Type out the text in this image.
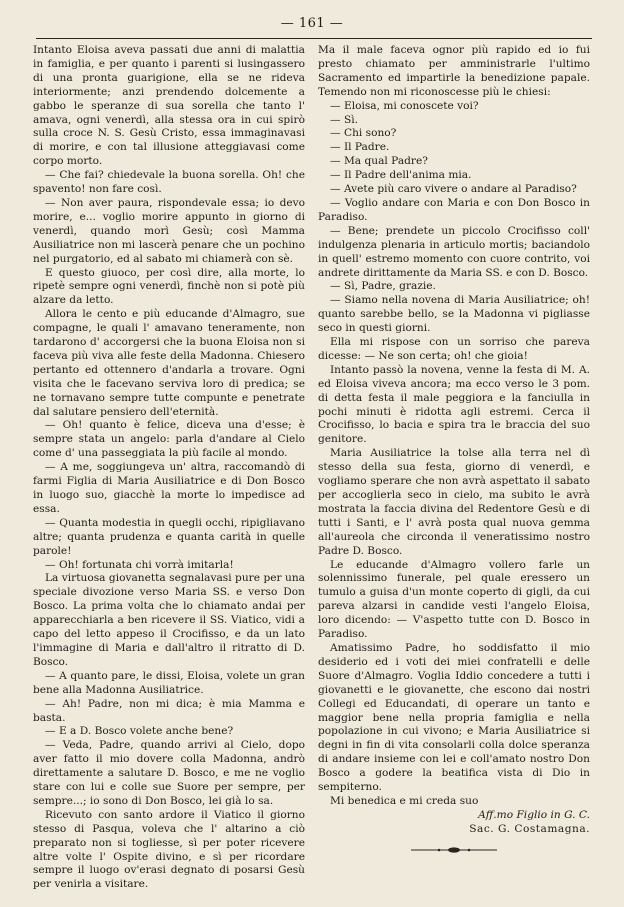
— 161 —

Intanto Eloisa aveva passati due anni di malattia in famiglia, e per quanto i parenti si lusingassero di una pronta guarigione, ella se ne rideva interiormente; anzi prendendo dolcemente a gabbo le speranze di sua sorella che tanto l' amava, ogni venerdì, alla stessa ora in cui spirò sulla croce N. S. Gesù Cristo, essa immaginavasi di morire, e con tal illusione atteggiavasi come corpo morto.

— Che fai? chiedevale la buona sorella. Oh! che spavento! non fare così.

— Non aver paura, rispondevale essa; io devo morire, e... voglio morire appunto in giorno di venerdì, quando morì Gesù; così Mamma Ausiliatrice non mi lascerà penare che un pochino nel purgatorio, ed al sabato mi chiamerà con sè.

E questo giuoco, per così dire, alla morte, lo ripetè sempre ogni venerdì, finchè non si potè più alzare da letto.

Allora le cento e più educande d'Almagro, sue compagne, le quali l' amavano teneramente, non tardarono d' accorgersi che la buona Eloisa non si faceva più viva alle feste della Madonna. Chiesero pertanto ed ottennero d'andarla a trovare. Ogni visita che le facevano serviva loro di predica; se ne tornavano sempre tutte compunte e penetrate dal salutare pensiero dell'eternità.

— Oh! quanto è felice, diceva una d'esse; è sempre stata un angelo: parla d'andare al Cielo come d' una passeggiata la più facile al mondo.

— A me, soggiungeva un' altra, raccomandò di farmi Figlia di Maria Ausiliatrice e di Don Bosco in luogo suo, giacchè la morte lo impedisce ad essa.

— Quanta modestia in quegli occhi, ripigliavano altre; quanta prudenza e quanta carità in quelle parole!

— Oh! fortunata chi vorrà imitarla!

La virtuosa giovanetta segnalavasi pure per una speciale divozione verso Maria SS. e verso Don Bosco. La prima volta che lo chiamato andai per apparecchiarla a ben ricevere il SS. Viatico, vidi a capo del letto appeso il Crocifisso, e da un lato l'immagine di Maria e dall'altro il ritratto di D. Bosco.

— A quanto pare, le dissi, Eloisa, volete un gran bene alla Madonna Ausiliatrice.

— Ah! Padre, non mi dica; è mia Mamma e basta.

— E a D. Bosco volete anche bene?

— Veda, Padre, quando arrivi al Cielo, dopo aver fatto il mio dovere colla Madonna, andrò direttamente a salutare D. Bosco, e me ne voglio stare con lui e colle sue Suore per sempre, per sempre...; io sono di Don Bosco, lei già lo sa.

Ricevuto con santo ardore il Viatico il giorno stesso di Pasqua, voleva che l' altarino a ciò preparato non si togliesse, sì per poter ricevere altre volte l' Ospite divino, e sì per ricordare sempre il luogo ov'erasi degnato di posarsi Gesù per venirla a visitare.

Ma il male faceva ognor più rapido ed io fui presto chiamato per amministrarle l'ultimo Sacramento ed impartirle la benedizione papale. Temendo non mi riconoscesse più le chiesi:

— Eloisa, mi conoscete voi?

— Sì.

— Chi sono?

— Il Padre.

— Ma qual Padre?

— Il Padre dell'anima mia.

— Avete più caro vivere o andare al Paradiso?

— Voglio andare con Maria e con Don Bosco in Paradiso.

— Bene; prendete un piccolo Crocifisso coll' indulgenza plenaria in articulo mortis; baciandolo in quell' estremo momento con cuore contrito, voi andrete dirittamente da Maria SS. e con D. Bosco.

— Sì, Padre, grazie.

— Siamo nella novena di Maria Ausiliatrice; oh! quanto sarebbe bello, se la Madonna vi pigliasse seco in questi giorni.

Ella mi rispose con un sorriso che pareva dicesse: — Ne son certa; oh! che gioia!

Intanto passò la novena, venne la festa di M. A. ed Eloisa viveva ancora; ma ecco verso le 3 pom. di detta festa il male peggiora e la fanciulla in pochi minuti è ridotta agli estremi. Cerca il Crocifisso, lo bacia e spira tra le braccia del suo genitore.

Maria Ausiliatrice la tolse alla terra nel dì stesso della sua festa, giorno di venerdì, e vogliamo sperare che non avrà aspettato il sabato per accoglierla seco in cielo, ma subito le avrà mostrata la faccia divina del Redentore Gesù e di tutti i Santi, e l' avrà posta qual nuova gemma all'aureola che circonda il veneratissimo nostro Padre D. Bosco.

Le educande d'Almagro vollero farle un solennissimo funerale, pel quale eressero un tumulo a guisa d'un monte coperto di gigli, da cui pareva alzarsi in candide vesti l'angelo Eloisa, loro dicendo: — V'aspetto tutte con D. Bosco in Paradiso.

Amatissimo Padre, ho soddisfatto il mio desiderio ed i voti dei miei confratelli e delle Suore d'Almagro. Voglia Iddio concedere a tutti i giovanetti e le giovanette, che escono dai nostri Collegi ed Educandati, di operare un tanto e maggior bene nella propria famiglia e nella popolazione in cui vivono; e Maria Ausiliatrice si degni in fin di vita consolarli colla dolce speranza di andare insieme con lei e coll'amato nostro Don Bosco a godere la beatifica vista di Dio in sempiterno.

Mi benedica e mi creda suo

Aff.mo Figlio in G. C.

Sac. G. Costamagna.
